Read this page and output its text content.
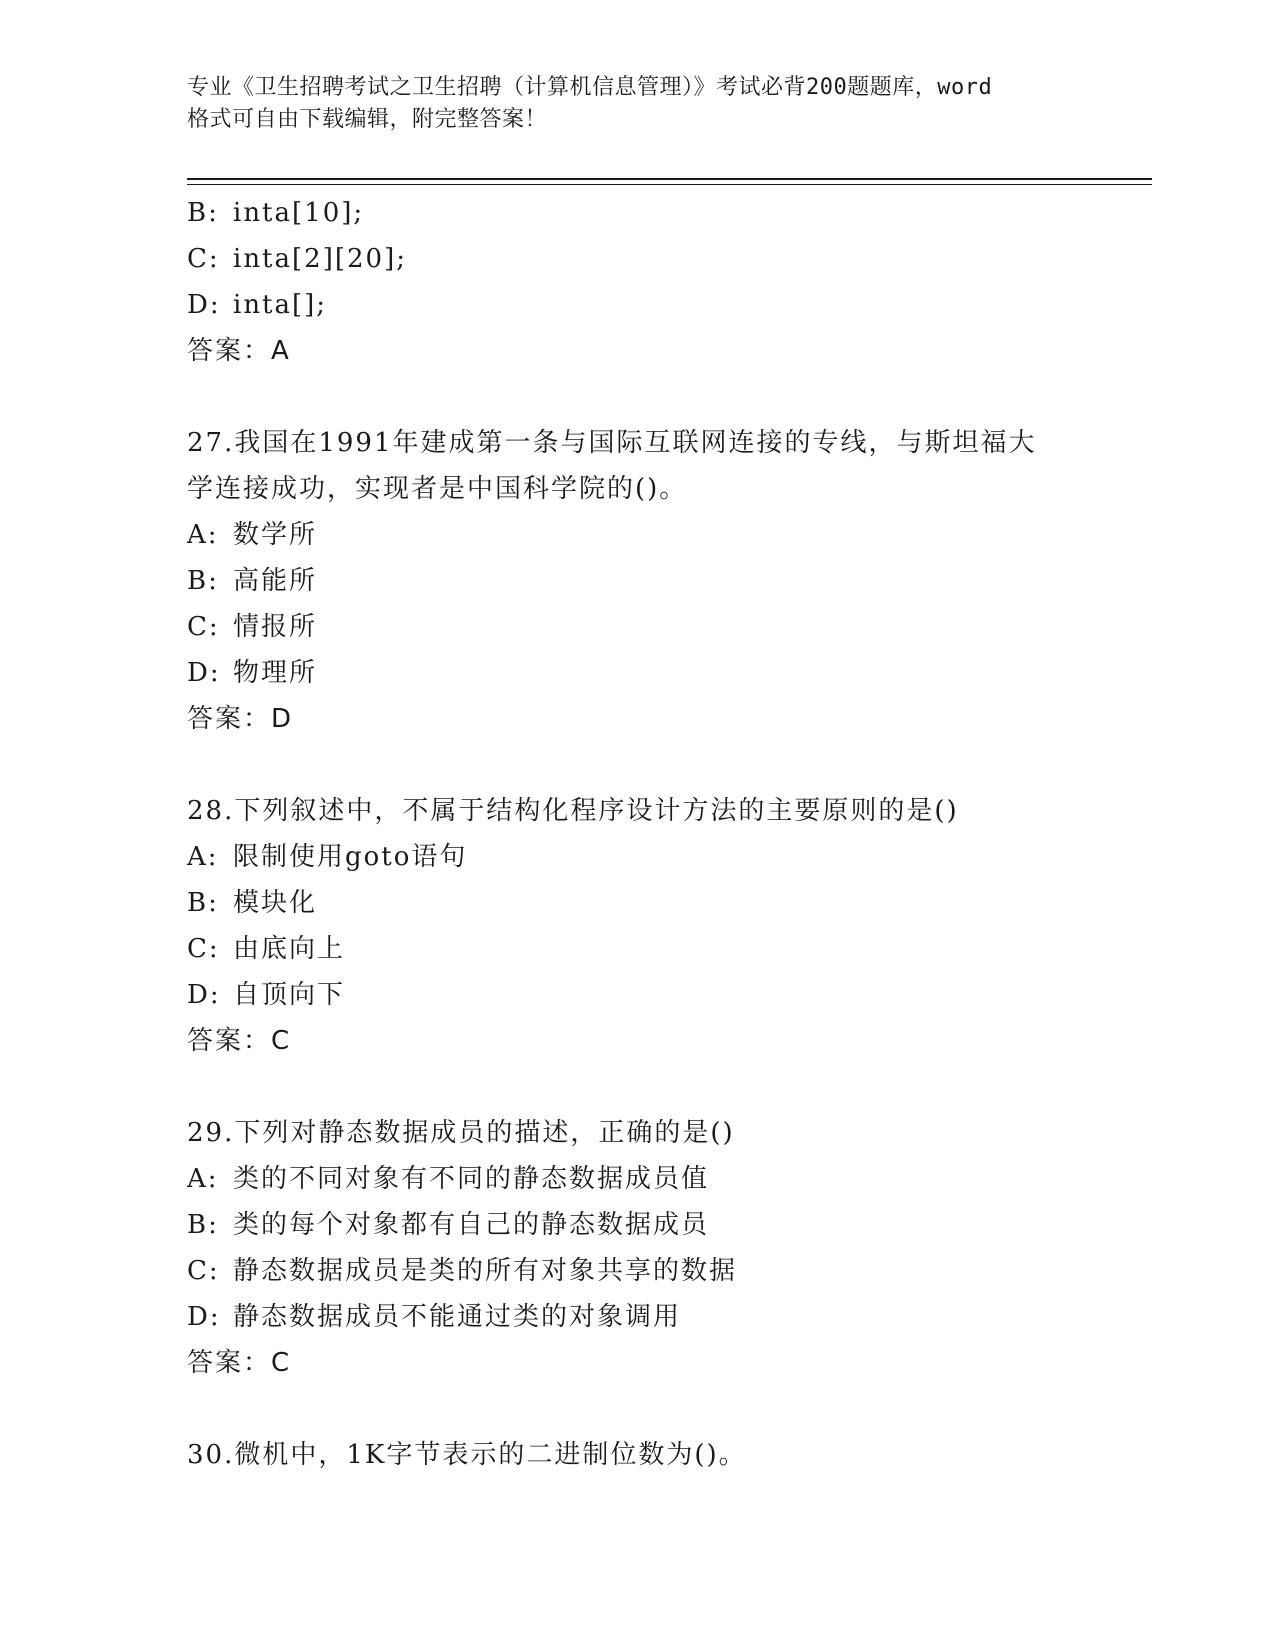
专业《卫生招聘考试之卫生招聘（计算机信息管理）》考试必背200题题库，word
格式可自由下载编辑，附完整答案！
B: inta[10];
C: inta[2][20];
D: inta[];
答案：A
27.我国在1991年建成第一条与国际互联网连接的专线，与斯坦福大
学连接成功，实现者是中国科学院的()。
A: 数学所
B: 高能所
C: 情报所
D: 物理所
答案：D
28.下列叙述中，不属于结构化程序设计方法的主要原则的是()
A: 限制使用goto语句
B: 模块化
C: 由底向上
D: 自顶向下
答案：C
29.下列对静态数据成员的描述，正确的是()
A: 类的不同对象有不同的静态数据成员值
B: 类的每个对象都有自己的静态数据成员
C: 静态数据成员是类的所有对象共享的数据
D: 静态数据成员不能通过类的对象调用
答案：C
30.微机中，1K字节表示的二进制位数为()。
